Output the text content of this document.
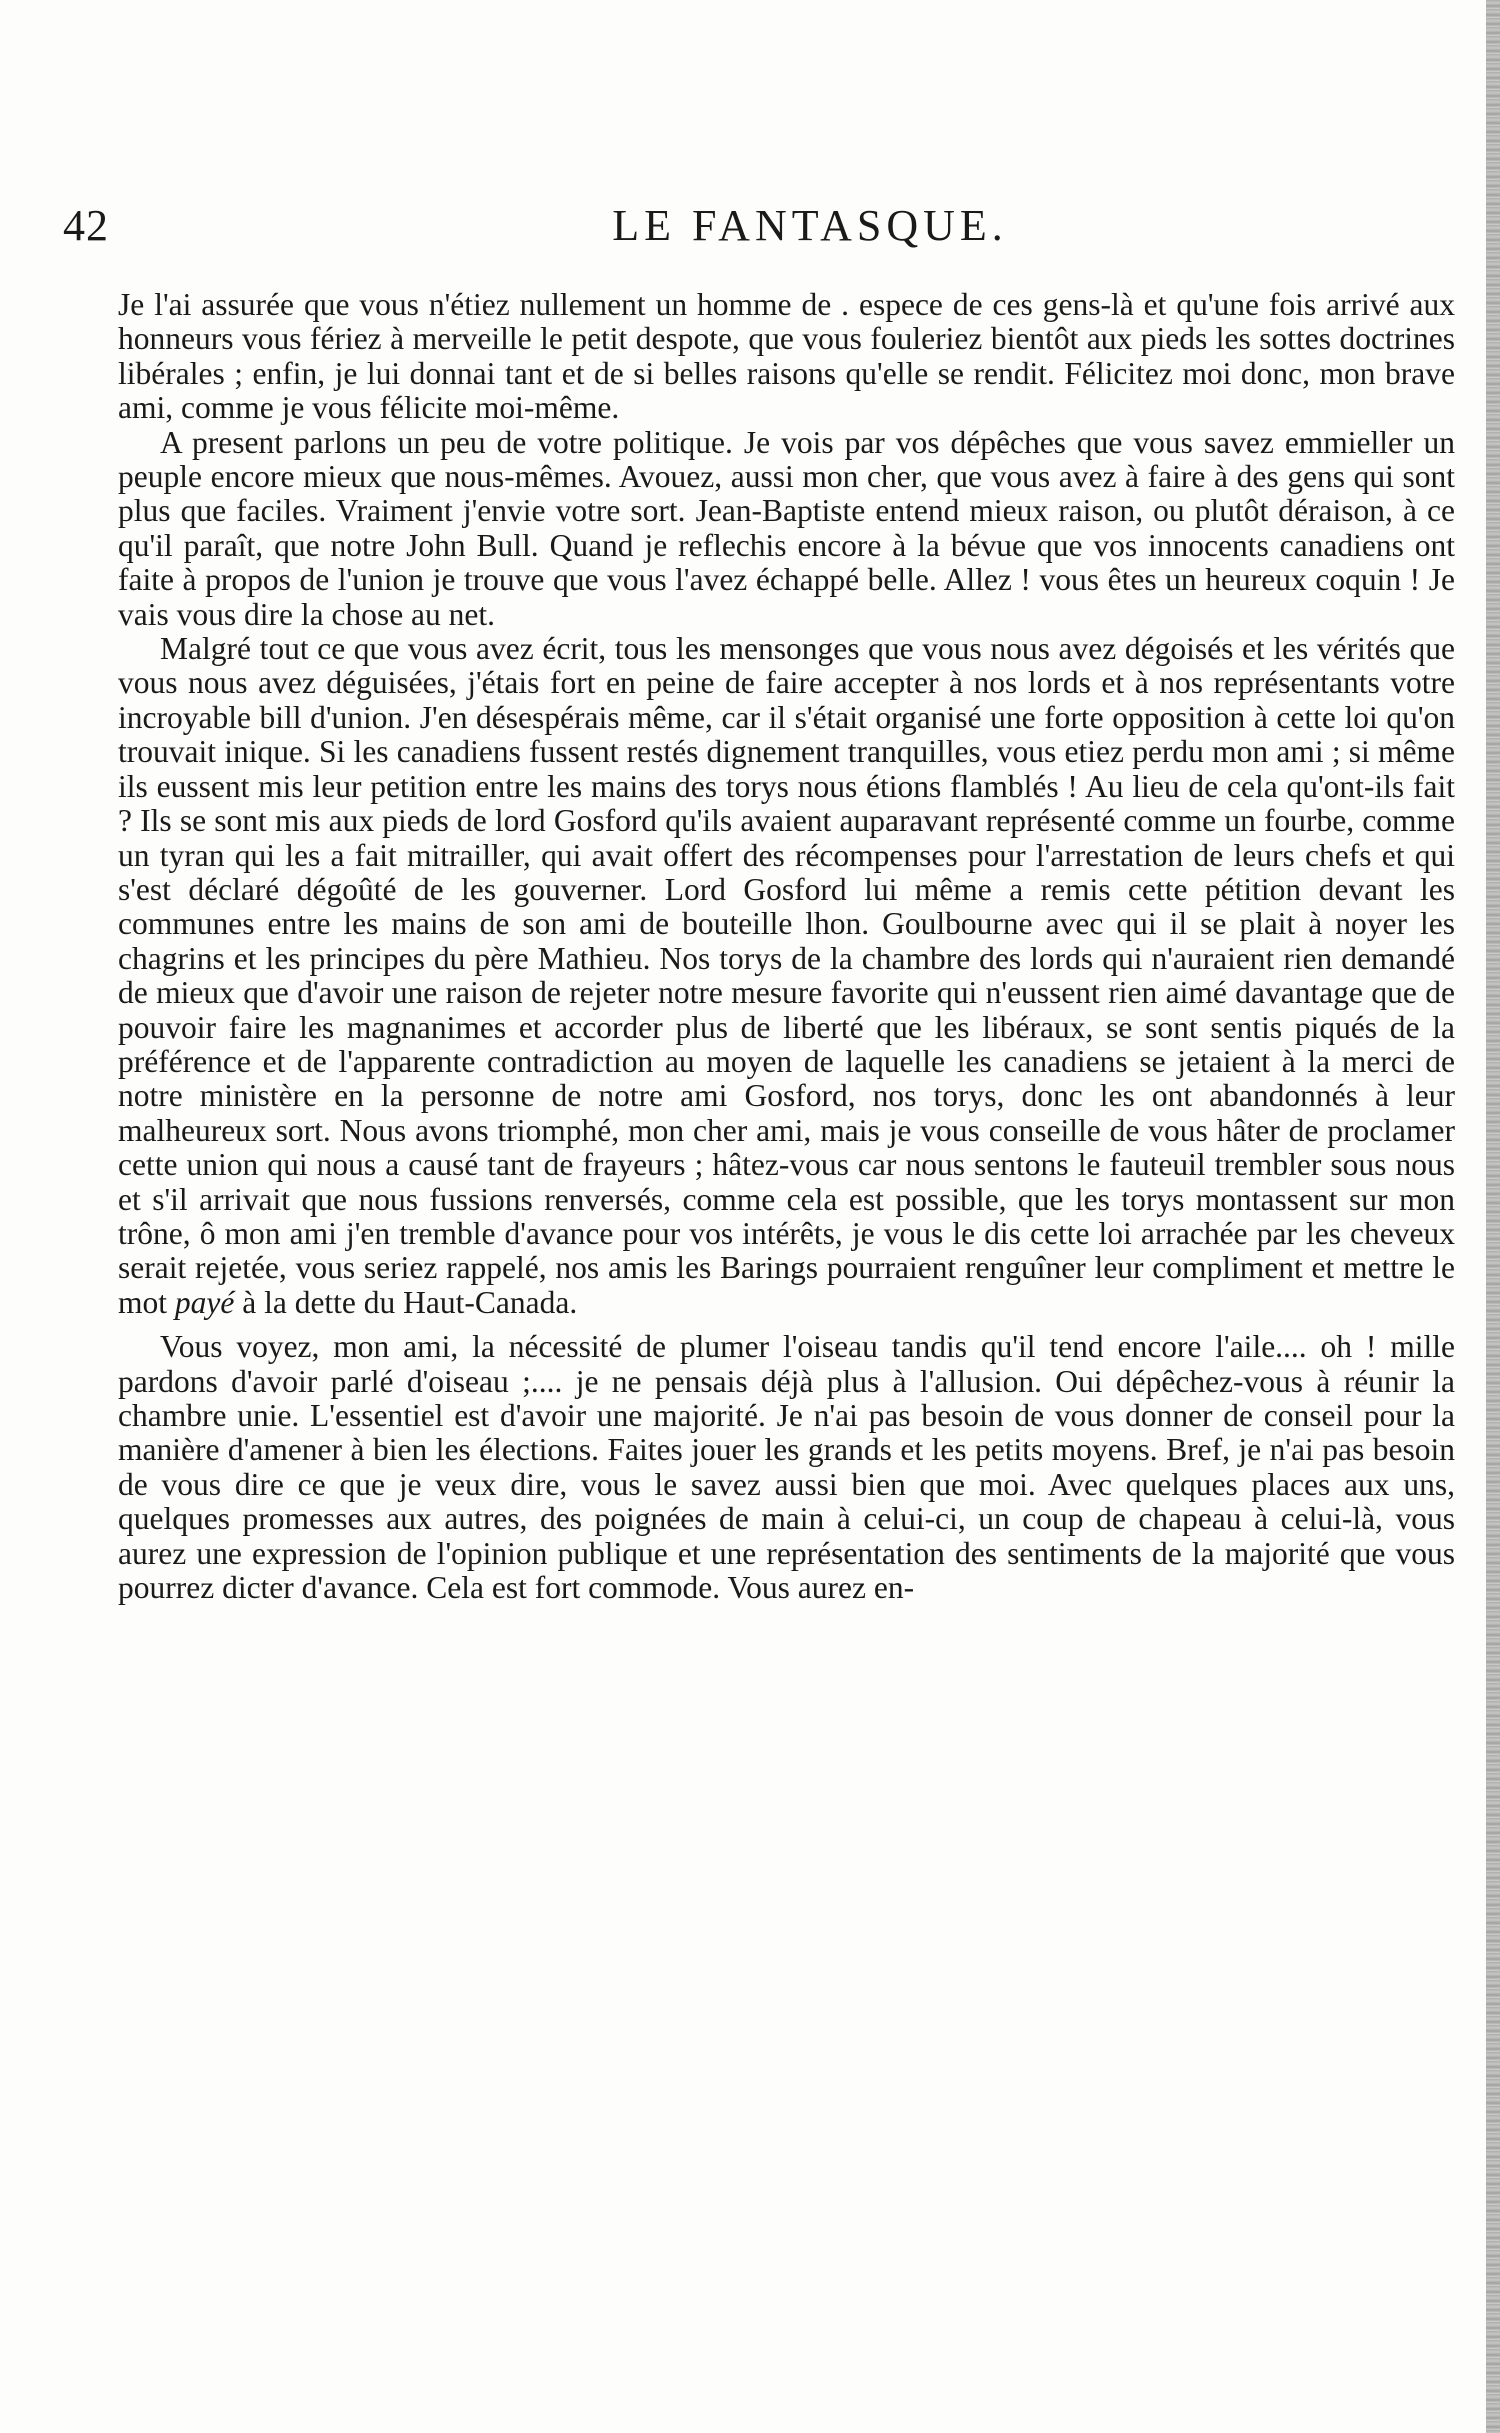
42	LE FANTASQUE.

Je l'ai assurée que vous n'étiez nullement un homme de . espece de ces gens-là et qu'une fois arrivé aux honneurs vous fériez à merveille le petit despote, que vous fouleriez bientôt aux pieds les sottes doctrines libérales ; enfin, je lui donnai tant et de si belles raisons qu'elle se rendit. Félicitez moi donc, mon brave ami, comme je vous félicite moi-même.

A present parlons un peu de votre politique. Je vois par vos dépêches que vous savez emmieller un peuple encore mieux que nous-mêmes. Avouez, aussi mon cher, que vous avez à faire à des gens qui sont plus que faciles. Vraiment j'envie votre sort. Jean-Baptiste entend mieux raison, ou plutôt déraison, à ce qu'il paraît, que notre John Bull. Quand je reflechis encore à la bévue que vos innocents canadiens ont faite à propos de l'union je trouve que vous l'avez échappé belle. Allez ! vous êtes un heureux coquin ! Je vais vous dire la chose au net.

Malgré tout ce que vous avez écrit, tous les mensonges que vous nous avez dégoisés et les vérités que vous nous avez déguisées, j'étais fort en peine de faire accepter à nos lords et à nos représentants votre incroyable bill d'union. J'en désespérais même, car il s'était organisé une forte opposition à cette loi qu'on trouvait inique. Si les canadiens fussent restés dignement tranquilles, vous etiez perdu mon ami ; si même ils eussent mis leur petition entre les mains des torys nous étions flamblés ! Au lieu de cela qu'ont-ils fait ? Ils se sont mis aux pieds de lord Gosford qu'ils avaient auparavant représenté comme un fourbe, comme un tyran qui les a fait mitrailler, qui avait offert des récompenses pour l'arrestation de leurs chefs et qui s'est déclaré dégoûté de les gouverner. Lord Gosford lui même a remis cette pétition devant les communes entre les mains de son ami de bouteille lhon. Goulbourne avec qui il se plait à noyer les chagrins et les principes du père Mathieu. Nos torys de la chambre des lords qui n'auraient rien demandé de mieux que d'avoir une raison de rejeter notre mesure favorite qui n'eussent rien aimé davantage que de pouvoir faire les magnanimes et accorder plus de liberté que les libéraux, se sont sentis piqués de la préférence et de l'apparente contradiction au moyen de laquelle les canadiens se jetaient à la merci de notre ministère en la personne de notre ami Gosford, nos torys, donc les ont abandonnés à leur malheureux sort. Nous avons triomphé, mon cher ami, mais je vous conseille de vous hâter de proclamer cette union qui nous a causé tant de frayeurs ; hâtez-vous car nous sentons le fauteuil trembler sous nous et s'il arrivait que nous fussions renversés, comme cela est possible, que les torys montassent sur mon trône, ô mon ami j'en tremble d'avance pour vos intérêts, je vous le dis cette loi arrachée par les cheveux serait rejetée, vous seriez rappelé, nos amis les Barings pourraient renguîner leur compliment et mettre le mot payé à la dette du Haut-Canada.

Vous voyez, mon ami, la nécessité de plumer l'oiseau tandis qu'il tend encore l'aile.... oh ! mille pardons d'avoir parlé d'oiseau ;.... je ne pensais déjà plus à l'allusion. Oui dépêchez-vous à réunir la chambre unie. L'essentiel est d'avoir une majorité. Je n'ai pas besoin de vous donner de conseil pour la manière d'amener à bien les élections. Faites jouer les grands et les petits moyens. Bref, je n'ai pas besoin de vous dire ce que je veux dire, vous le savez aussi bien que moi. Avec quelques places aux uns, quelques promesses aux autres, des poignées de main à celui-ci, un coup de chapeau à celui-là, vous aurez une expression de l'opinion publique et une représentation des sentiments de la majorité que vous pourrez dicter d'avance. Cela est fort commode. Vous aurez en-
